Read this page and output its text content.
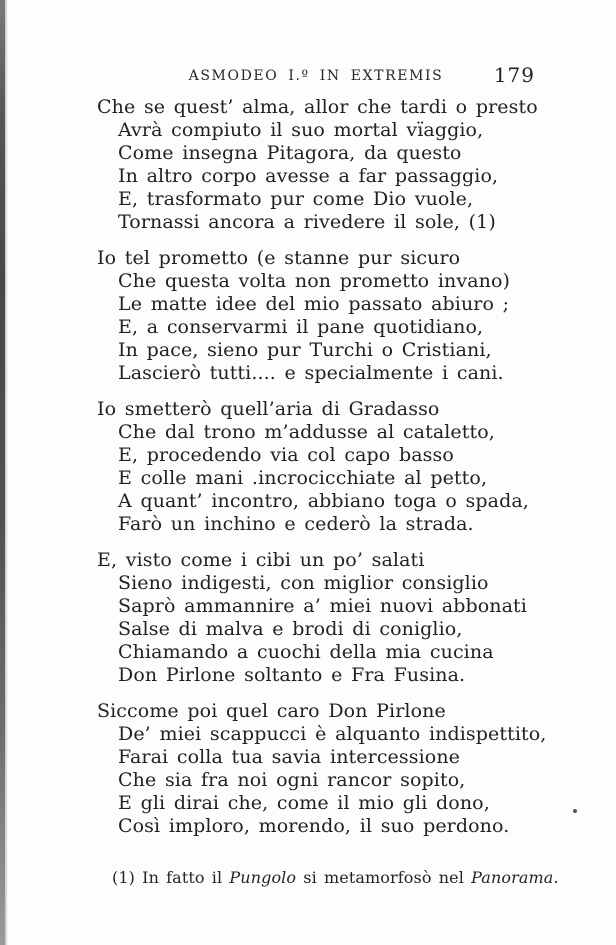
ASMODEO I.º IN EXTREMIS	179
Che se quest’ alma, allor che tardi o presto
Avrà compiuto il suo mortal vïaggio,
Come insegna Pitagora, da questo
In altro corpo avesse a far passaggio,
E, trasformato pur come Dio vuole,
Tornassi ancora a rivedere il sole, (1)
Io tel prometto (e stanne pur sicuro
Che questa volta non prometto invano)
Le matte idee del mio passato abiuro ;
E, a conservarmi il pane quotidiano,
In pace, sieno pur Turchi o Cristiani,
Lascierò tutti.... e specialmente i cani.
Io smetterò quell’aria di Gradasso
Che dal trono m’addusse al cataletto,
E, procedendo via col capo basso
E colle mani .incrocicchiate al petto,
A quant’ incontro, abbiano toga o spada,
Farò un inchino e cederò la strada.
E, visto come i cibi un po’ salati
Sieno indigesti, con miglior consiglio
Saprò ammannire a’ miei nuovi abbonati
Salse di malva e brodi di coniglio,
Chiamando a cuochi della mia cucina
Don Pirlone soltanto e Fra Fusina.
Siccome poi quel caro Don Pirlone
De’ miei scappucci è alquanto indispettito,
Farai colla tua savia intercessione
Che sia fra noi ogni rancor sopito,
E gli dirai che, come il mio gli dono,
Così imploro, morendo, il suo perdono.
(1) In fatto il Pungolo si metamorfosò nel Panorama.
